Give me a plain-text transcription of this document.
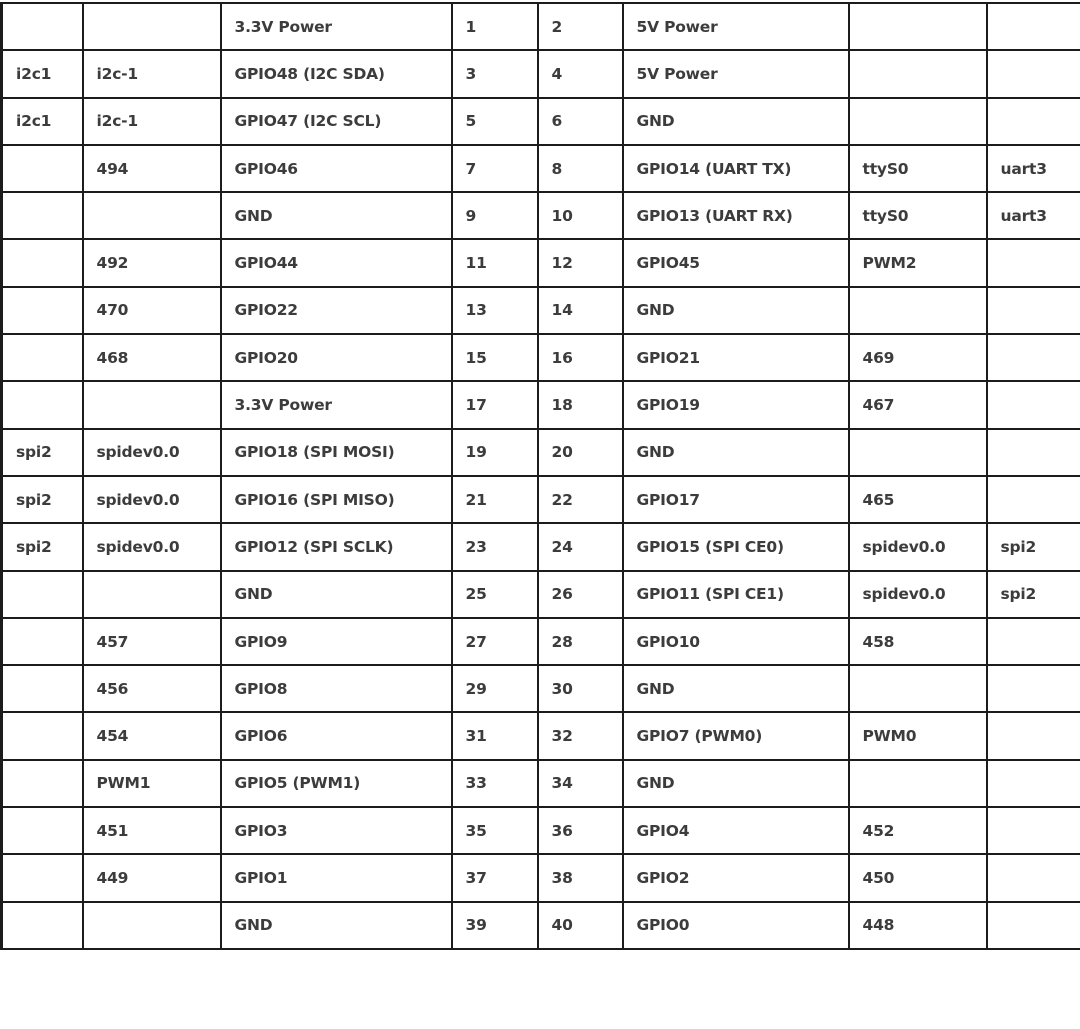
		3.3V Power	1	2	5V Power		
i2c1	i2c-1	GPIO48 (I2C SDA)	3	4	5V Power		
i2c1	i2c-1	GPIO47 (I2C SCL)	5	6	GND		
	494	GPIO46	7	8	GPIO14 (UART TX)	ttyS0	uart3
		GND	9	10	GPIO13 (UART RX)	ttyS0	uart3
	492	GPIO44	11	12	GPIO45	PWM2	
	470	GPIO22	13	14	GND		
	468	GPIO20	15	16	GPIO21	469	
		3.3V Power	17	18	GPIO19	467	
spi2	spidev0.0	GPIO18 (SPI MOSI)	19	20	GND		
spi2	spidev0.0	GPIO16 (SPI MISO)	21	22	GPIO17	465	
spi2	spidev0.0	GPIO12 (SPI SCLK)	23	24	GPIO15 (SPI CE0)	spidev0.0	spi2
		GND	25	26	GPIO11 (SPI CE1)	spidev0.0	spi2
	457	GPIO9	27	28	GPIO10	458	
	456	GPIO8	29	30	GND		
	454	GPIO6	31	32	GPIO7 (PWM0)	PWM0	
	PWM1	GPIO5 (PWM1)	33	34	GND		
	451	GPIO3	35	36	GPIO4	452	
	449	GPIO1	37	38	GPIO2	450	
		GND	39	40	GPIO0	448	
